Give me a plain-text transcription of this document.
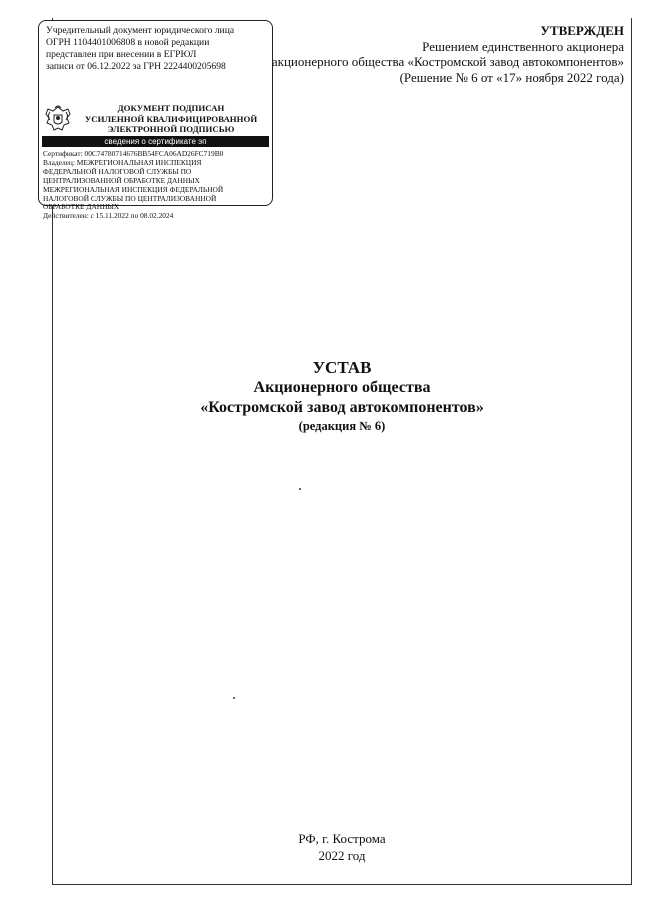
Учредительный документ юридического лица
ОГРН 1104401006808 в новой редакции
представлен при внесении в ЕГРЮЛ
записи от 06.12.2022 за ГРН 2224400205698
ДОКУМЕНТ ПОДПИСАН
УСИЛЕННОЙ КВАЛИФИЦИРОВАННОЙ
ЭЛЕКТРОННОЙ ПОДПИСЬЮ
сведения о сертификате эп
Сертификат: 00C74780714676BB54FCA06AD26FC719B0
Владелец: МЕЖРЕГИОНАЛЬНАЯ ИНСПЕКЦИЯ
ФЕДЕРАЛЬНОЙ НАЛОГОВОЙ СЛУЖБЫ ПО
ЦЕНТРАЛИЗОВАННОЙ ОБРАБОТКЕ ДАННЫХ
МЕЖРЕГИОНАЛЬНАЯ ИНСПЕКЦИЯ ФЕДЕРАЛЬНОЙ
НАЛОГОВОЙ СЛУЖБЫ ПО ЦЕНТРАЛИЗОВАННОЙ
ОБРАБОТКЕ ДАННЫХ
Действителен: с 15.11.2022 по 08.02.2024
УТВЕРЖДЕН
Решением единственного акционера
акционерного общества «Костромской завод автокомпонентов»
(Решение № 6 от «17» ноября 2022 года)
УСТАВ
Акционерного общества
«Костромской завод автокомпонентов»
(редакция № 6)
РФ, г. Кострома
2022 год
